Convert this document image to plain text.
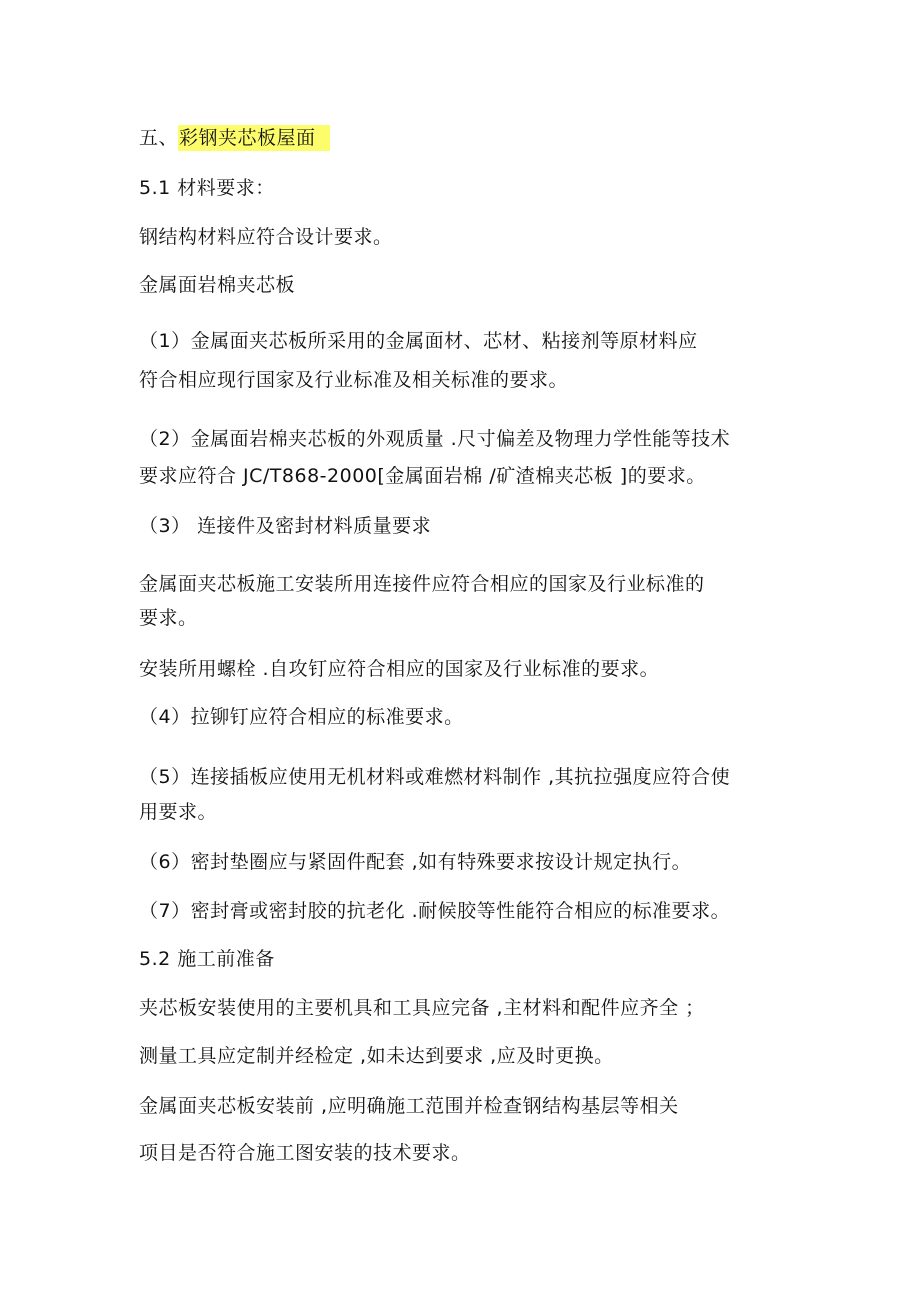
五、彩钢夹芯板屋面
5.1 材料要求：
钢结构材料应符合设计要求。
金属面岩棉夹芯板
（1）金属面夹芯板所采用的金属面材、芯材、粘接剂等原材料应
符合相应现行国家及行业标准及相关标准的要求。
（2）金属面岩棉夹芯板的外观质量 .尺寸偏差及物理力学性能等技术
要求应符合 JC/T868-2000[金属面岩棉 /矿渣棉夹芯板 ]的要求。
（3） 连接件及密封材料质量要求
金属面夹芯板施工安装所用连接件应符合相应的国家及行业标准的
要求。
安装所用螺栓 .自攻钉应符合相应的国家及行业标准的要求。
（4）拉铆钉应符合相应的标准要求。
（5）连接插板应使用无机材料或难燃材料制作 ,其抗拉强度应符合使
用要求。
（6）密封垫圈应与紧固件配套 ,如有特殊要求按设计规定执行。
（7）密封膏或密封胶的抗老化 .耐候胶等性能符合相应的标准要求。
5.2 施工前准备
夹芯板安装使用的主要机具和工具应完备 ,主材料和配件应齐全 ；
测量工具应定制并经检定 ,如未达到要求 ,应及时更换。
金属面夹芯板安装前 ,应明确施工范围并检查钢结构基层等相关
项目是否符合施工图安装的技术要求。
